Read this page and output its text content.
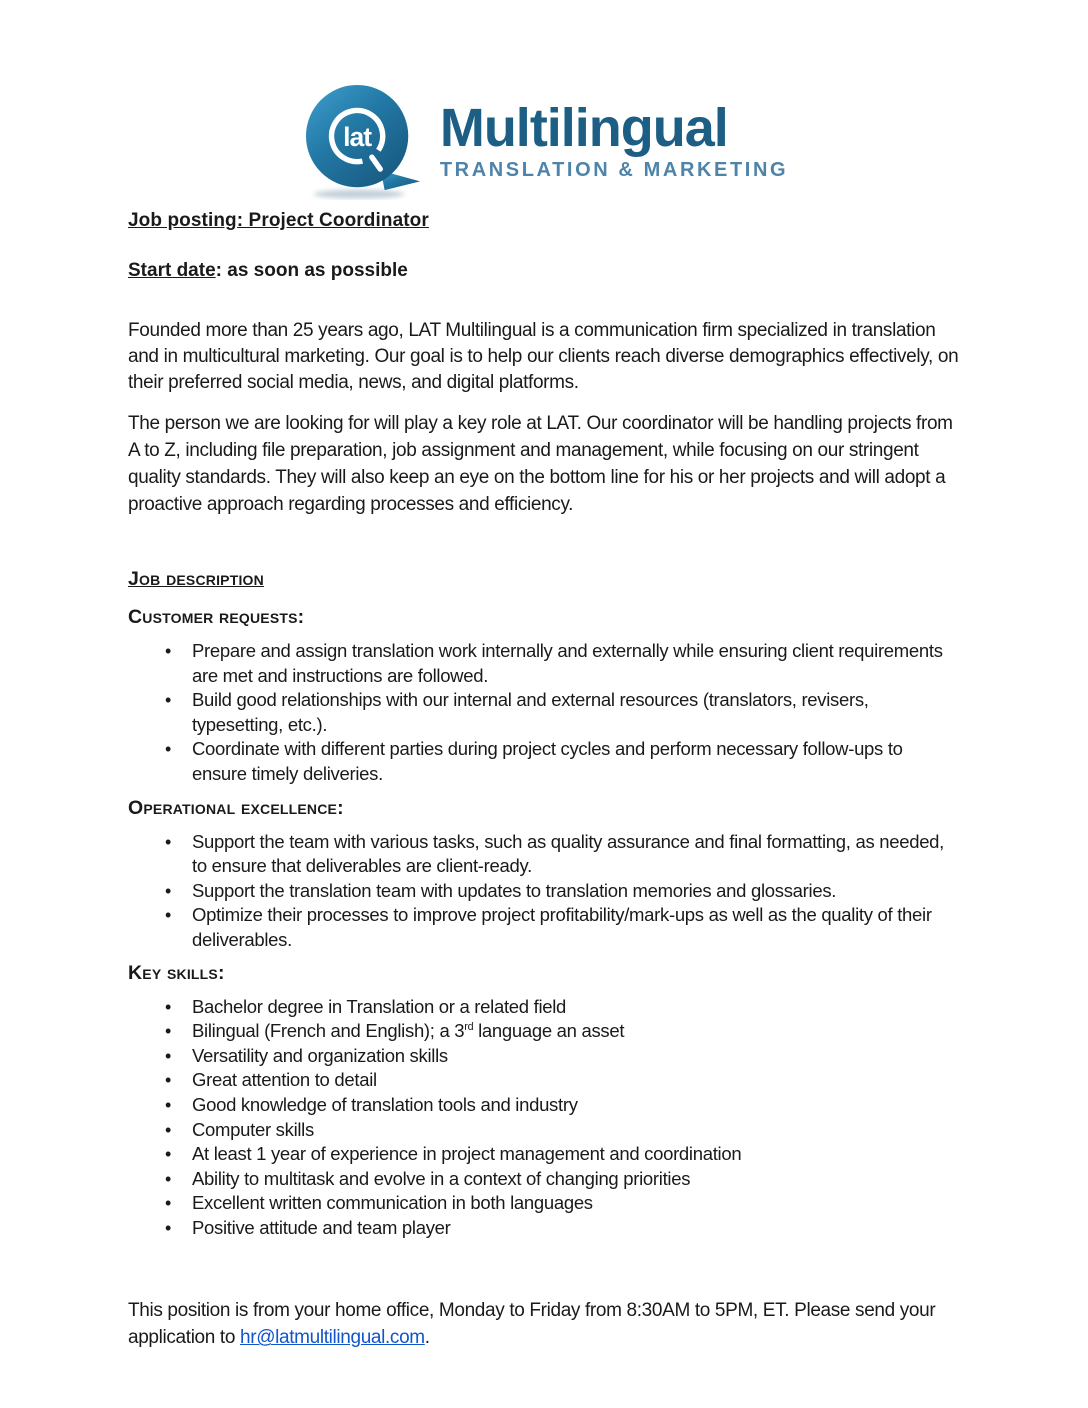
lat Multilingual
TRANSLATION & MARKETING
Job posting: Project Coordinator
Start date: as soon as possible

Founded more than 25 years ago, LAT Multilingual is a communication firm specialized in translation and in multicultural marketing. Our goal is to help our clients reach diverse demographics effectively, on their preferred social media, news, and digital platforms.

The person we are looking for will play a key role at LAT. Our coordinator will be handling projects from A to Z, including file preparation, job assignment and management, while focusing on our stringent quality standards. They will also keep an eye on the bottom line for his or her projects and will adopt a proactive approach regarding processes and efficiency.

Job description
Customer requests:
• Prepare and assign translation work internally and externally while ensuring client requirements are met and instructions are followed.
• Build good relationships with our internal and external resources (translators, revisers, typesetting, etc.).
• Coordinate with different parties during project cycles and perform necessary follow-ups to ensure timely deliveries.
Operational excellence:
• Support the team with various tasks, such as quality assurance and final formatting, as needed, to ensure that deliverables are client-ready.
• Support the translation team with updates to translation memories and glossaries.
• Optimize their processes to improve project profitability/mark-ups as well as the quality of their deliverables.
Key skills:
• Bachelor degree in Translation or a related field
• Bilingual (French and English); a 3rd language an asset
• Versatility and organization skills
• Great attention to detail
• Good knowledge of translation tools and industry
• Computer skills
• At least 1 year of experience in project management and coordination
• Ability to multitask and evolve in a context of changing priorities
• Excellent written communication in both languages
• Positive attitude and team player

This position is from your home office, Monday to Friday from 8:30AM to 5PM, ET. Please send your application to hr@latmultilingual.com.
